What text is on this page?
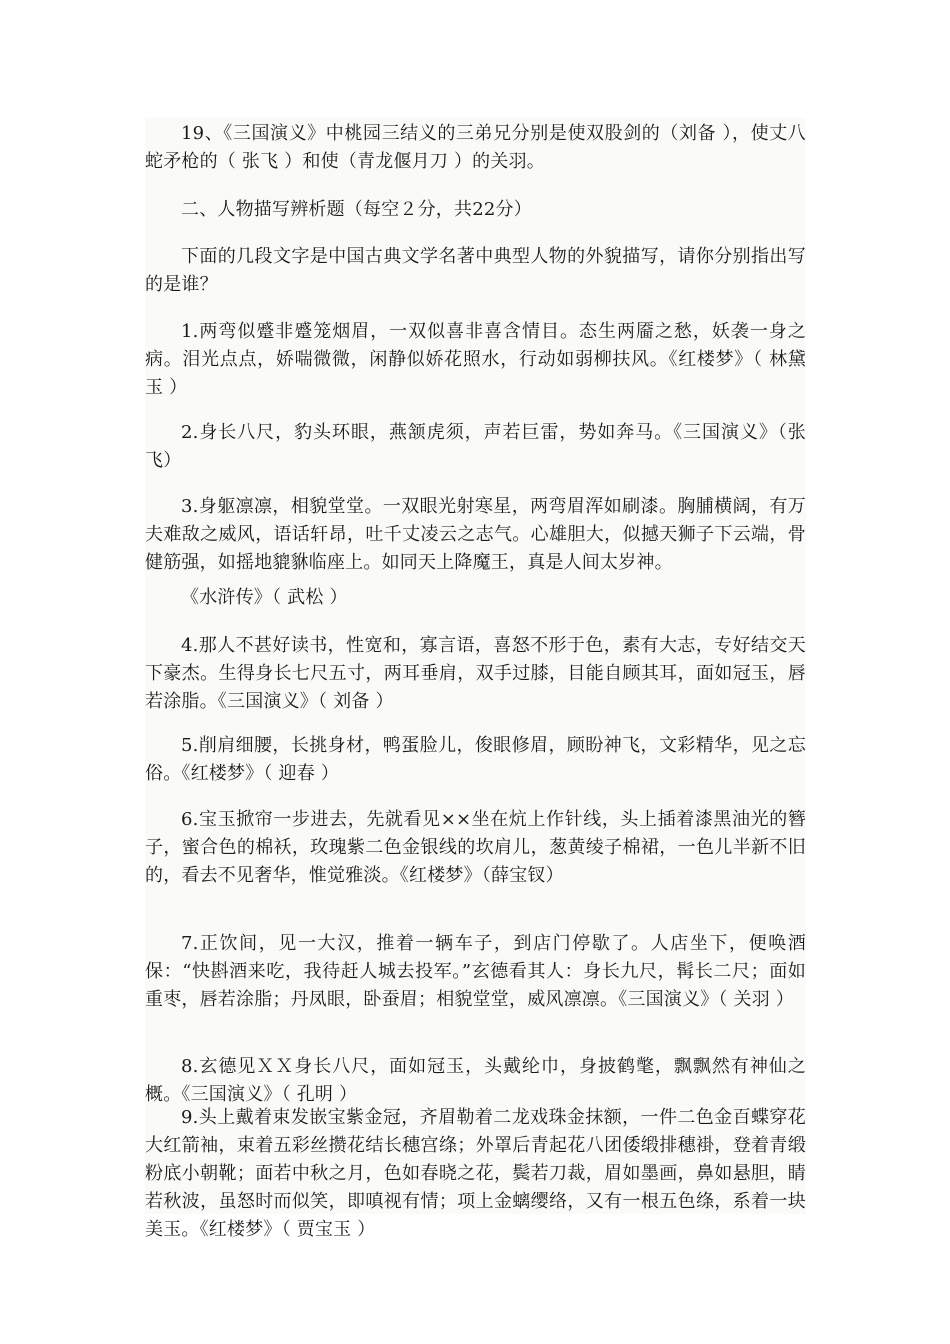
19、《三国演义》中桃园三结义的三弟兄分别是使双股剑的（刘备 ），使丈八蛇矛枪的（ 张飞 ）和使（青龙偃月刀 ）的关羽。

二、人物描写辨析题（每空２分，共22分）

下面的几段文字是中国古典文学名著中典型人物的外貌描写，请你分别指出写的是谁？

1.两弯似蹙非蹙笼烟眉，一双似喜非喜含情目。态生两靥之愁，妖袭一身之病。泪光点点，娇喘微微，闲静似娇花照水，行动如弱柳扶风。《红楼梦》（ 林黛玉 ）

2.身长八尺，豹头环眼，燕颔虎须，声若巨雷，势如奔马。《三国演义》（张飞）

3.身躯凛凛，相貌堂堂。一双眼光射寒星，两弯眉浑如刷漆。胸脯横阔，有万夫难敌之威风，语话轩昂，吐千丈凌云之志气。心雄胆大，似撼天狮子下云端，骨健筋强，如摇地貔貅临座上。如同天上降魔王，真是人间太岁神。

《水浒传》（ 武松 ）

4.那人不甚好读书，性宽和，寡言语，喜怒不形于色，素有大志，专好结交天下豪杰。生得身长七尺五寸，两耳垂肩，双手过膝，目能自顾其耳，面如冠玉，唇若涂脂。《三国演义》（ 刘备 ）

5.削肩细腰，长挑身材，鸭蛋脸儿，俊眼修眉，顾盼神飞，文彩精华，见之忘俗。《红楼梦》（ 迎春 ）

6.宝玉掀帘一步进去，先就看见××坐在炕上作针线，头上插着漆黑油光的簪子，蜜合色的棉袄，玫瑰紫二色金银线的坎肩儿，葱黄绫子棉裙，一色儿半新不旧的，看去不见奢华，惟觉雅淡。《红楼梦》（薛宝钗）

7.正饮间，见一大汉，推着一辆车子，到店门停歇了。人店坐下，便唤酒保：“快斟酒来吃，我待赶人城去投军。”玄德看其人：身长九尺，髯长二尺；面如重枣，唇若涂脂；丹凤眼，卧蚕眉；相貌堂堂，威风凛凛。《三国演义》（ 关羽 ）

8.玄德见ＸＸ身长八尺，面如冠玉，头戴纶巾，身披鹤氅，飘飘然有神仙之概。《三国演义》（ 孔明 ）

9.头上戴着束发嵌宝紫金冠，齐眉勒着二龙戏珠金抹额，一件二色金百蝶穿花大红箭袖，束着五彩丝攒花结长穗宫绦；外罩后青起花八团倭缎排穗褂，登着青缎粉底小朝靴；面若中秋之月，色如春晓之花，鬓若刀裁，眉如墨画，鼻如悬胆，睛若秋波，虽怒时而似笑，即嗔视有情；项上金螭缨络，又有一根五色绦，系着一块美玉。《红楼梦》（ 贾宝玉 ）
